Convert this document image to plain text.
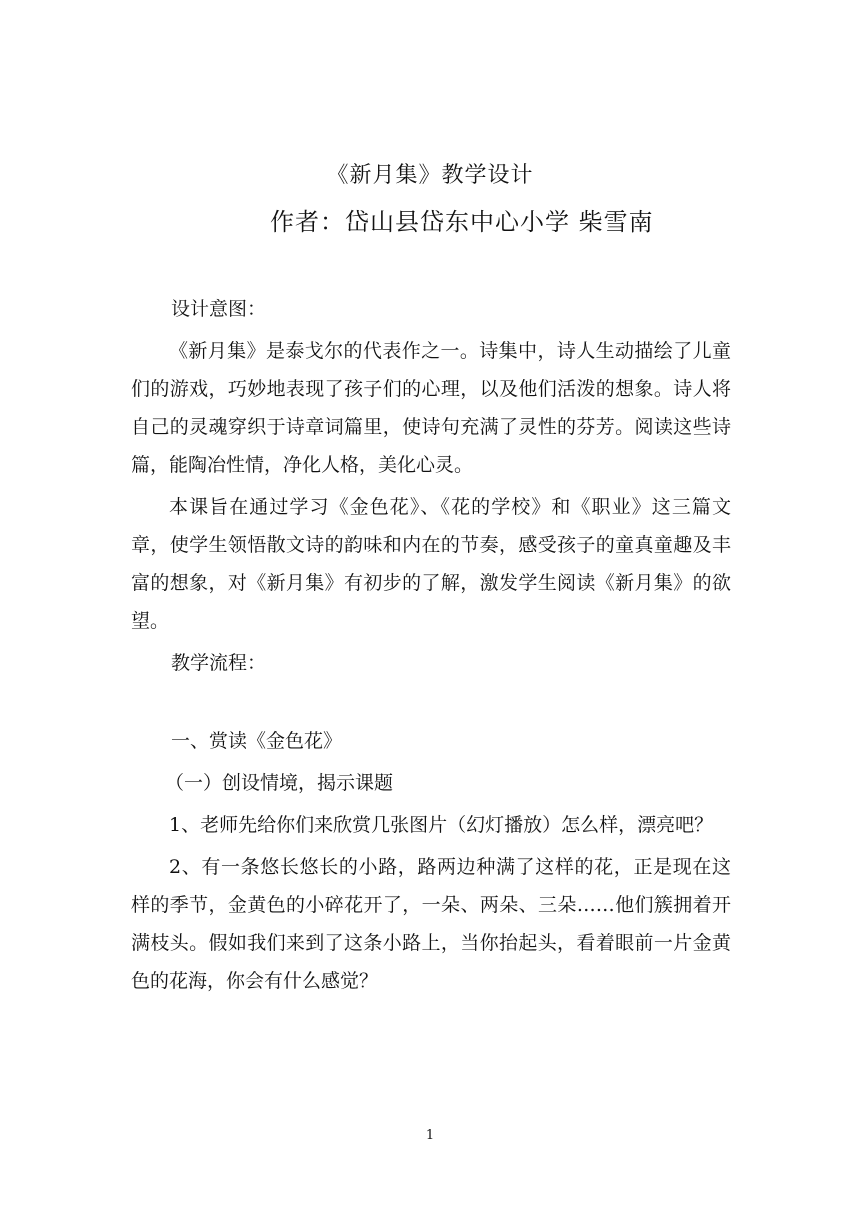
《新月集》教学设计
作者：岱山县岱东中心小学 柴雪南

设计意图：

《新月集》是泰戈尔的代表作之一。诗集中，诗人生动描绘了儿童们的游戏，巧妙地表现了孩子们的心理，以及他们活泼的想象。诗人将自己的灵魂穿织于诗章词篇里，使诗句充满了灵性的芬芳。阅读这些诗篇，能陶冶性情，净化人格，美化心灵。

本课旨在通过学习《金色花》、《花的学校》和《职业》这三篇文章，使学生领悟散文诗的韵味和内在的节奏，感受孩子的童真童趣及丰富的想象，对《新月集》有初步的了解，激发学生阅读《新月集》的欲望。

教学流程：

一、赏读《金色花》

（一）创设情境，揭示课题

1、老师先给你们来欣赏几张图片（幻灯播放）怎么样，漂亮吧？

2、有一条悠长悠长的小路，路两边种满了这样的花，正是现在这样的季节，金黄色的小碎花开了，一朵、两朵、三朵……他们簇拥着开满枝头。假如我们来到了这条小路上，当你抬起头，看着眼前一片金黄色的花海，你会有什么感觉？

1
